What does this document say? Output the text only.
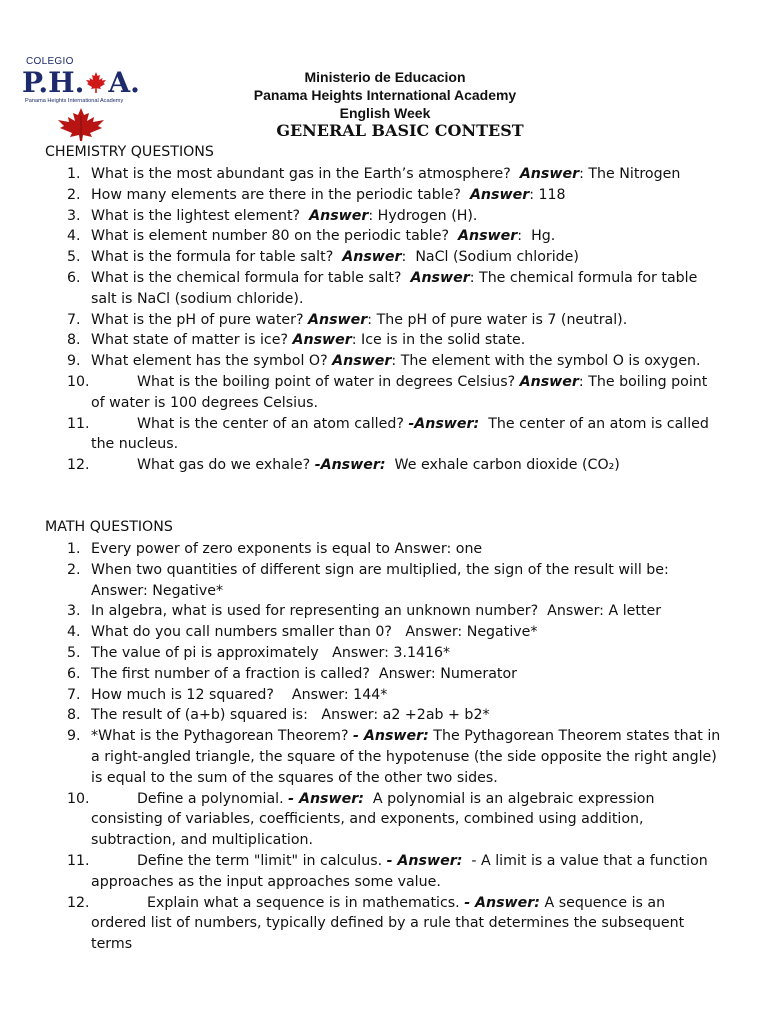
COLEGIO
P.H. A.
Panama Heights International Academy
Ministerio de Educacion
Panama Heights International Academy
English Week
GENERAL BASIC CONTEST
CHEMISTRY QUESTIONS
1. What is the most abundant gas in the Earth’s atmosphere?  Answer: The Nitrogen
2. How many elements are there in the periodic table?  Answer: 118
3. What is the lightest element?  Answer: Hydrogen (H).
4. What is element number 80 on the periodic table?  Answer:  Hg.
5. What is the formula for table salt?  Answer:  NaCl (Sodium chloride)
6. What is the chemical formula for table salt?  Answer: The chemical formula for table salt is NaCl (sodium chloride).
7. What is the pH of pure water? Answer: The pH of pure water is 7 (neutral).
8. What state of matter is ice? Answer: Ice is in the solid state.
9. What element has the symbol O? Answer: The element with the symbol O is oxygen.
10.	What is the boiling point of water in degrees Celsius? Answer: The boiling point of water is 100 degrees Celsius.
11.	What is the center of an atom called? -Answer:  The center of an atom is called the nucleus.
12.	What gas do we exhale? -Answer:  We exhale carbon dioxide (CO₂)
MATH QUESTIONS
1. Every power of zero exponents is equal to Answer: one
2. When two quantities of different sign are multiplied, the sign of the result will be: Answer: Negative*
3. In algebra, what is used for representing an unknown number?  Answer: A letter
4. What do you call numbers smaller than 0?   Answer: Negative*
5. The value of pi is approximately   Answer: 3.1416*
6. The first number of a fraction is called?  Answer: Numerator
7. How much is 12 squared?    Answer: 144*
8. The result of (a+b) squared is:   Answer: a2 +2ab + b2*
9. *What is the Pythagorean Theorem? - Answer: The Pythagorean Theorem states that in a right-angled triangle, the square of the hypotenuse (the side opposite the right angle) is equal to the sum of the squares of the other two sides.
10.	Define a polynomial. - Answer:  A polynomial is an algebraic expression consisting of variables, coefficients, and exponents, combined using addition, subtraction, and multiplication.
11.	Define the term "limit" in calculus. - Answer:  - A limit is a value that a function approaches as the input approaches some value.
12.	Explain what a sequence is in mathematics. - Answer: A sequence is an ordered list of numbers, typically defined by a rule that determines the subsequent terms
